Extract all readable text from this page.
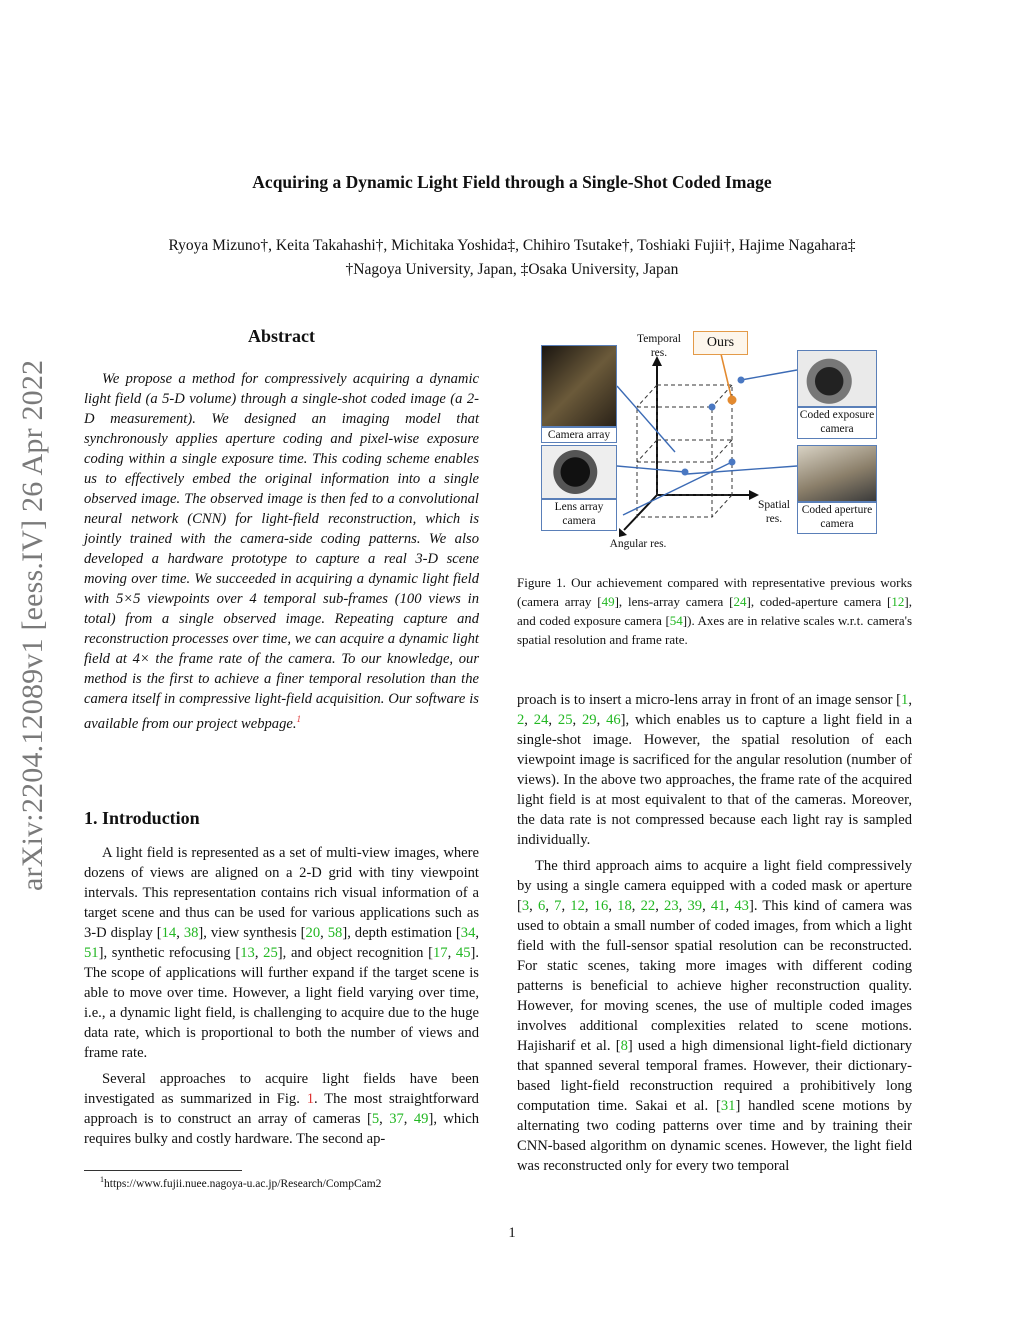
Acquiring a Dynamic Light Field through a Single-Shot Coded Image
Ryoya Mizuno†, Keita Takahashi†, Michitaka Yoshida‡, Chihiro Tsutake†, Toshiaki Fujii†, Hajime Nagahara‡
†Nagoya University, Japan, ‡Osaka University, Japan
arXiv:2204.12089v1 [eess.IV] 26 Apr 2022
Abstract

We propose a method for compressively acquiring a dynamic light field (a 5-D volume) through a single-shot coded image (a 2-D measurement). We designed an imaging model that synchronously applies aperture coding and pixel-wise exposure coding within a single exposure time. This coding scheme enables us to effectively embed the original information into a single observed image. The observed image is then fed to a convolutional neural network (CNN) for light-field reconstruction, which is jointly trained with the camera-side coding patterns. We also developed a hardware prototype to capture a real 3-D scene moving over time. We succeeded in acquiring a dynamic light field with 5×5 viewpoints over 4 temporal sub-frames (100 views in total) from a single observed image. Repeating capture and reconstruction processes over time, we can acquire a dynamic light field at 4× the frame rate of the camera. To our knowledge, our method is the first to achieve a finer temporal resolution than the camera itself in compressive light-field acquisition. Our software is available from our project webpage.$^1$

1. Introduction

A light field is represented as a set of multi-view images, where dozens of views are aligned on a 2-D grid with tiny viewpoint intervals. This representation contains rich visual information of a target scene and thus can be used for various applications such as 3-D display [14, 38], view synthesis [20, 58], depth estimation [34, 51], synthetic refocusing [13, 25], and object recognition [17, 45]. The scope of applications will further expand if the target scene is able to move over time. However, a light field varying over time, i.e., a dynamic light field, is challenging to acquire due to the huge data rate, which is proportional to both the number of views and frame rate.

Several approaches to acquire light fields have been investigated as summarized in Fig. 1. The most straightforward approach is to construct an array of cameras [5, 37, 49], which requires bulky and costly hardware. The second ap-

$^1$https://www.fujii.nuee.nagoya-u.ac.jp/Research/CompCam2
Camera array
Lens array camera
Coded exposure camera
Coded aperture camera
Temporal res.
Ours
Spatial res.
Angular res.
Figure 1. Our achievement compared with representative previous works (camera array [49], lens-array camera [24], coded-aperture camera [12], and coded exposure camera [54]). Axes are in relative scales w.r.t. camera's spatial resolution and frame rate.

proach is to insert a micro-lens array in front of an image sensor [1, 2, 24, 25, 29, 46], which enables us to capture a light field in a single-shot image. However, the spatial resolution of each viewpoint image is sacrificed for the angular resolution (number of views). In the above two approaches, the frame rate of the acquired light field is at most equivalent to that of the cameras. Moreover, the data rate is not compressed because each light ray is sampled individually.

The third approach aims to acquire a light field compressively by using a single camera equipped with a coded mask or aperture [3, 6, 7, 12, 16, 18, 22, 23, 39, 41, 43]. This kind of camera was used to obtain a small number of coded images, from which a light field with the full-sensor spatial resolution can be reconstructed. For static scenes, taking more images with different coding patterns is beneficial to achieve higher reconstruction quality. However, for moving scenes, the use of multiple coded images involves additional complexities related to scene motions. Hajisharif et al. [8] used a high dimensional light-field dictionary that spanned several temporal frames. However, their dictionary-based light-field reconstruction required a prohibitively long computation time. Sakai et al. [31] handled scene motions by alternating two coding patterns over time and by training their CNN-based algorithm on dynamic scenes. However, the light field was reconstructed only for every two temporal

1
